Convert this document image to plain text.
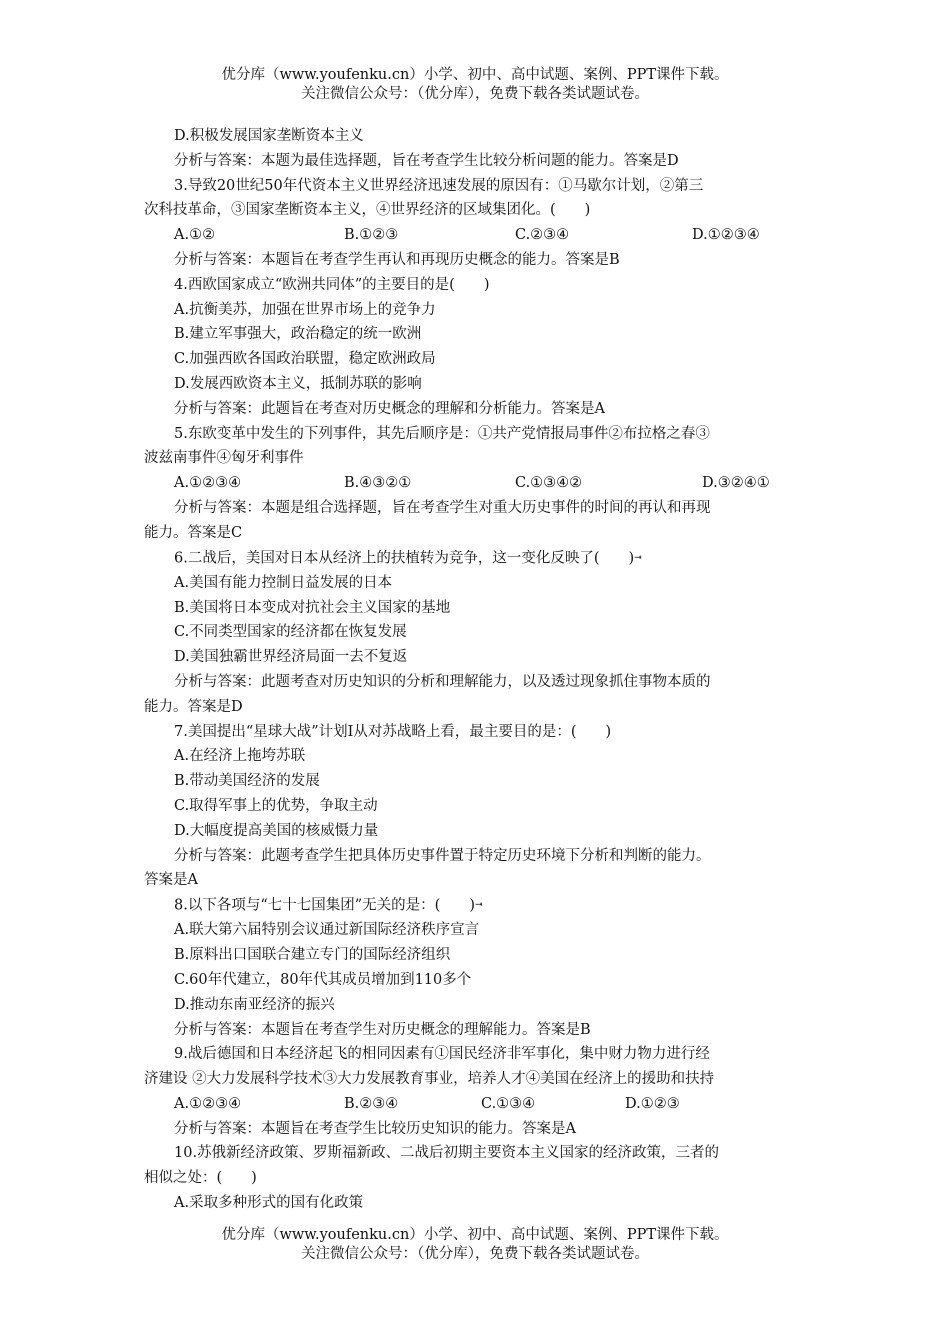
优分库（www.youfenku.cn）小学、初中、高中试题、案例、PPT课件下载。
关注微信公众号：（优分库），免费下载各类试题试卷。
D.积极发展国家垄断资本主义
分析与答案：本题为最佳选择题，旨在考查学生比较分析问题的能力。答案是D
3.导致20世纪50年代资本主义世界经济迅速发展的原因有：①马歇尔计划，②第三
次科技革命，③国家垄断资本主义，④世界经济的区域集团化。(　　)
A.①②	B.①②③	C.②③④	D.①②③④
分析与答案：本题旨在考查学生再认和再现历史概念的能力。答案是B
4.西欧国家成立“欧洲共同体”的主要目的是(　　)
A.抗衡美苏，加强在世界市场上的竞争力
B.建立军事强大，政治稳定的统一欧洲
C.加强西欧各国政治联盟，稳定欧洲政局
D.发展西欧资本主义，抵制苏联的影响
分析与答案：此题旨在考查对历史概念的理解和分析能力。答案是A
5.东欧变革中发生的下列事件，其先后顺序是：①共产党情报局事件②布拉格之春③
波兹南事件④匈牙利事件
A.①②③④	B.④③②①	C.①③④②	D.③②④①
分析与答案：本题是组合选择题，旨在考查学生对重大历史事件的时间的再认和再现
能力。答案是C
6.二战后，美国对日本从经济上的扶植转为竞争，这一变化反映了(　　)⇥
A.美国有能力控制日益发展的日本
B.美国将日本变成对抗社会主义国家的基地
C.不同类型国家的经济都在恢复发展
D.美国独霸世界经济局面一去不复返
分析与答案：此题考查对历史知识的分析和理解能力，以及透过现象抓住事物本质的
能力。答案是D
7.美国提出“星球大战”计划Ⅰ从对苏战略上看，最主要目的是：(　　)
A.在经济上拖垮苏联
B.带动美国经济的发展
C.取得军事上的优势，争取主动
D.大幅度提高美国的核威慑力量
分析与答案：此题考查学生把具体历史事件置于特定历史环境下分析和判断的能力。
答案是A
8.以下各项与“七十七国集团”无关的是：(　　)⇥
A.联大第六届特别会议通过新国际经济秩序宣言
B.原料出口国联合建立专门的国际经济组织
C.60年代建立，80年代其成员增加到110多个
D.推动东南亚经济的振兴
分析与答案：本题旨在考查学生对历史概念的理解能力。答案是B
9.战后德国和日本经济起飞的相同因素有①国民经济非军事化，集中财力物力进行经
济建设 ②大力发展科学技术③大力发展教育事业，培养人才④美国在经济上的援助和扶持
A.①②③④	B.②③④	C.①③④	D.①②③
分析与答案：本题旨在考查学生比较历史知识的能力。答案是A
10.苏俄新经济政策、罗斯福新政、二战后初期主要资本主义国家的经济政策，三者的
相似之处：(　　)
A.采取多种形式的国有化政策
优分库（www.youfenku.cn）小学、初中、高中试题、案例、PPT课件下载。
关注微信公众号：（优分库），免费下载各类试题试卷。
